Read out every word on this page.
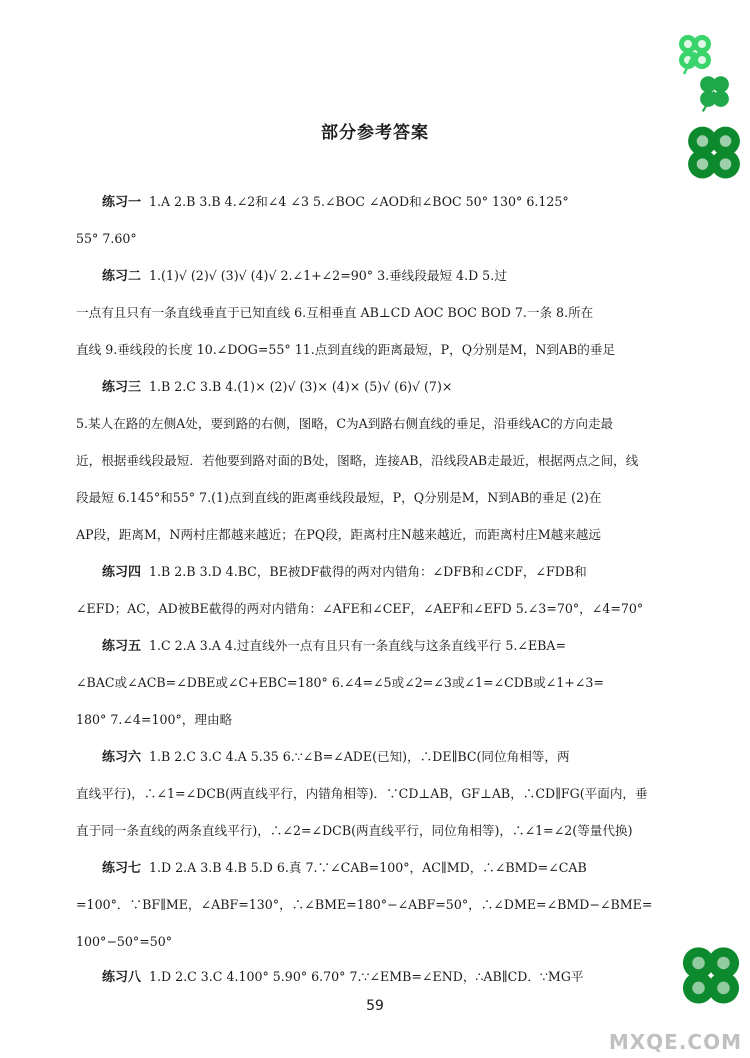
部分参考答案
练习一 1.A 2.B 3.B 4.∠2和∠4 ∠3 5.∠BOC ∠AOD和∠BOC 50° 130° 6.125°
55° 7.60°
练习二 1.(1)√ (2)√ (3)√ (4)√ 2.∠1+∠2=90° 3.垂线段最短 4.D 5.过
一点有且只有一条直线垂直于已知直线 6.互相垂直 AB⊥CD AOC BOC BOD 7.一条 8.所在
直线 9.垂线段的长度 10.∠DOG=55° 11.点到直线的距离最短，P，Q分别是M，N到AB的垂足
练习三 1.B 2.C 3.B 4.(1)× (2)√ (3)× (4)× (5)√ (6)√ (7)×
5.某人在路的左侧A处，要到路的右侧，图略，C为A到路右侧直线的垂足，沿垂线AC的方向走最
近，根据垂线段最短．若他要到路对面的B处，图略，连接AB，沿线段AB走最近，根据两点之间，线
段最短 6.145°和55° 7.(1)点到直线的距离垂线段最短，P，Q分别是M，N到AB的垂足 (2)在
AP段，距离M，N两村庄都越来越近；在PQ段，距离村庄N越来越近，而距离村庄M越来越远
练习四 1.B 2.B 3.D 4.BC，BE被DF截得的两对内错角：∠DFB和∠CDF，∠FDB和
∠EFD；AC，AD被BE截得的两对内错角：∠AFE和∠CEF，∠AEF和∠EFD 5.∠3=70°，∠4=70°
练习五 1.C 2.A 3.A 4.过直线外一点有且只有一条直线与这条直线平行 5.∠EBA=
∠BAC或∠ACB=∠DBE或∠C+EBC=180° 6.∠4=∠5或∠2=∠3或∠1=∠CDB或∠1+∠3=
180° 7.∠4=100°，理由略
练习六 1.B 2.C 3.C 4.A 5.35 6.∵∠B=∠ADE(已知)，∴DE∥BC(同位角相等，两
直线平行)，∴∠1=∠DCB(两直线平行，内错角相等)．∵CD⊥AB，GF⊥AB，∴CD∥FG(平面内，垂
直于同一条直线的两条直线平行)，∴∠2=∠DCB(两直线平行，同位角相等)，∴∠1=∠2(等量代换)
练习七 1.D 2.A 3.B 4.B 5.D 6.真 7.∵∠CAB=100°，AC∥MD，∴∠BMD=∠CAB
=100°．∵BF∥ME，∠ABF=130°，∴∠BME=180°−∠ABF=50°，∴∠DME=∠BMD−∠BME=
100°−50°=50°
练习八 1.D 2.C 3.C 4.100° 5.90° 6.70° 7.∵∠EMB=∠END，∴AB∥CD．∵MG平
59
MXQE.COM
